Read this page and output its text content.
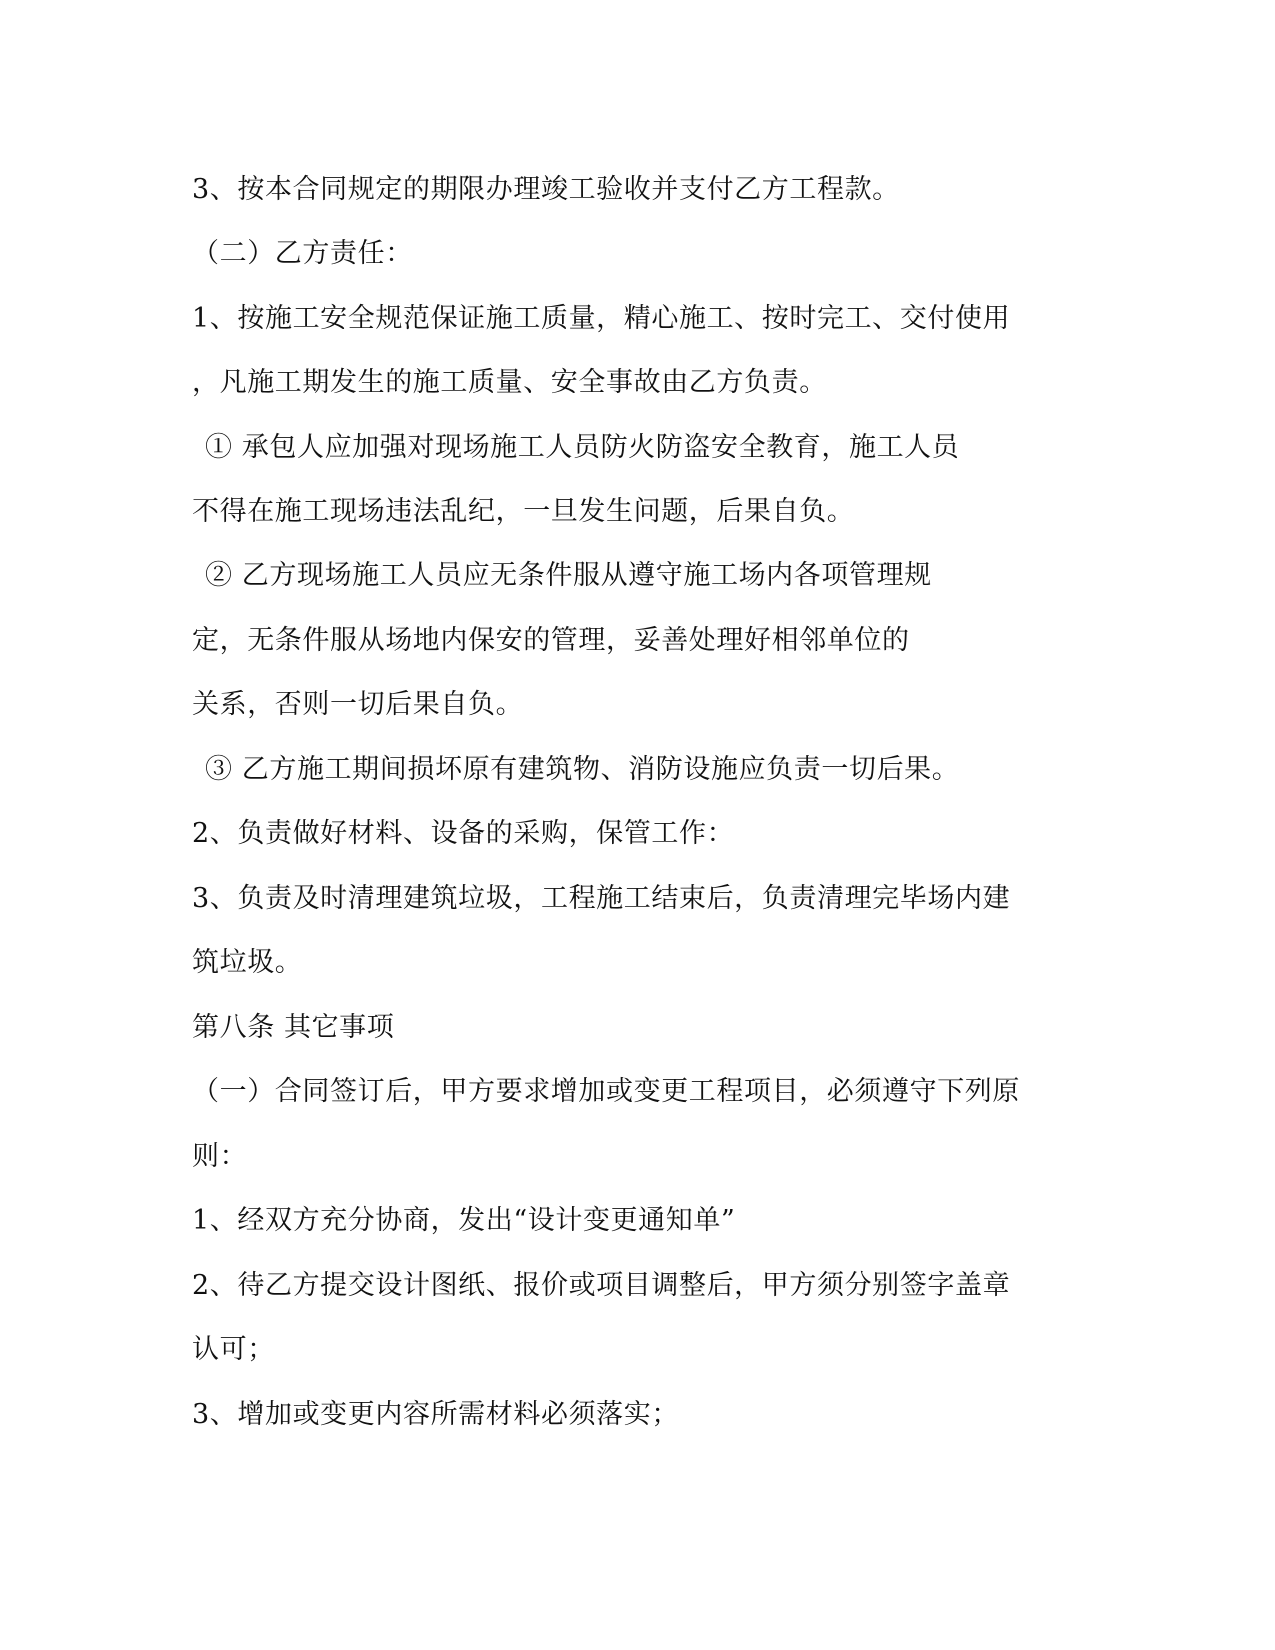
3、按本合同规定的期限办理竣工验收并支付乙方工程款。
（二）乙方责任：
1、按施工安全规范保证施工质量，精心施工、按时完工、交付使用
，凡施工期发生的施工质量、安全事故由乙方负责。
① 承包人应加强对现场施工人员防火防盗安全教育，施工人员
不得在施工现场违法乱纪，一旦发生问题，后果自负。
② 乙方现场施工人员应无条件服从遵守施工场内各项管理规
定，无条件服从场地内保安的管理，妥善处理好相邻单位的
关系，否则一切后果自负。
③ 乙方施工期间损坏原有建筑物、消防设施应负责一切后果。
2、负责做好材料、设备的采购，保管工作：
3、负责及时清理建筑垃圾，工程施工结束后，负责清理完毕场内建
筑垃圾。
第八条 其它事项
（一）合同签订后，甲方要求增加或变更工程项目，必须遵守下列原
则：
1、经双方充分协商，发出“设计变更通知单”
2、待乙方提交设计图纸、报价或项目调整后，甲方须分别签字盖章
认可；
3、增加或变更内容所需材料必须落实；
